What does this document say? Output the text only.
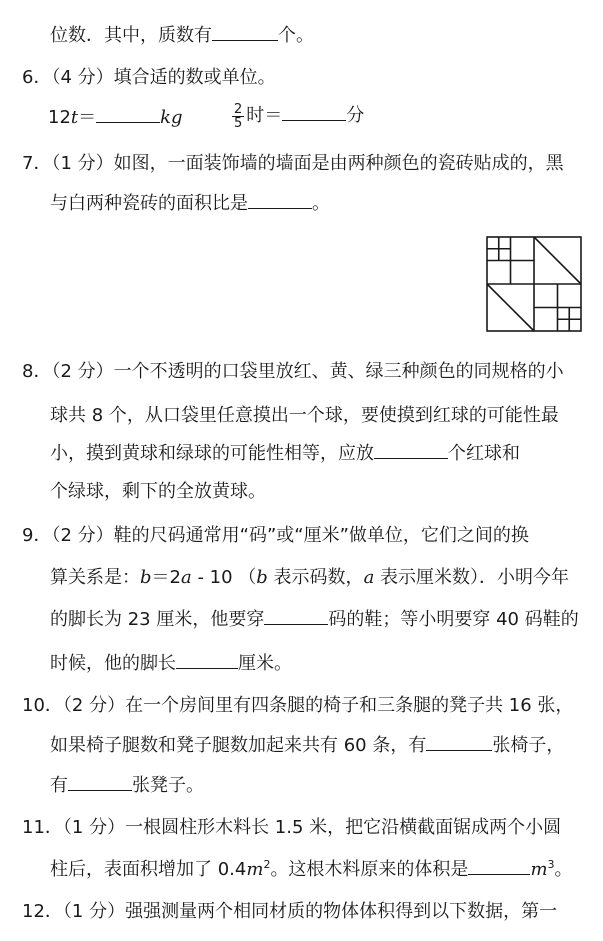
位数．其中，质数有	个。
6．（4 分）填合适的数或单位。
12t＝	kg	$\frac{2}{5}$ 时＝	分
7．（1 分）如图，一面装饰墙的墙面是由两种颜色的瓷砖贴成的，黑
与白两种瓷砖的面积比是	。
8．（2 分）一个不透明的口袋里放红、黄、绿三种颜色的同规格的小
球共 8 个，从口袋里任意摸出一个球，要使摸到红球的可能性最
小，摸到黄球和绿球的可能性相等，应放	个红球和
个绿球，剩下的全放黄球。
9．（2 分）鞋的尺码通常用“码”或“厘米”做单位，它们之间的换
算关系是：b＝2a - 10 （b 表示码数，a 表示厘米数）．小明今年
的脚长为 23 厘米，他要穿	码的鞋；等小明要穿 40 码鞋的
时候，他的脚长	厘米。
10．（2 分）在一个房间里有四条腿的椅子和三条腿的凳子共 16 张，
如果椅子腿数和凳子腿数加起来共有 60 条，有	张椅子，
有	张凳子。
11．（1 分）一根圆柱形木料长 1.5 米，把它沿横截面锯成两个小圆
柱后，表面积增加了 $0.4m^2$。这根木料原来的体积是	$m^3$。
12．（1 分）强强测量两个相同材质的物体体积得到以下数据，第一
